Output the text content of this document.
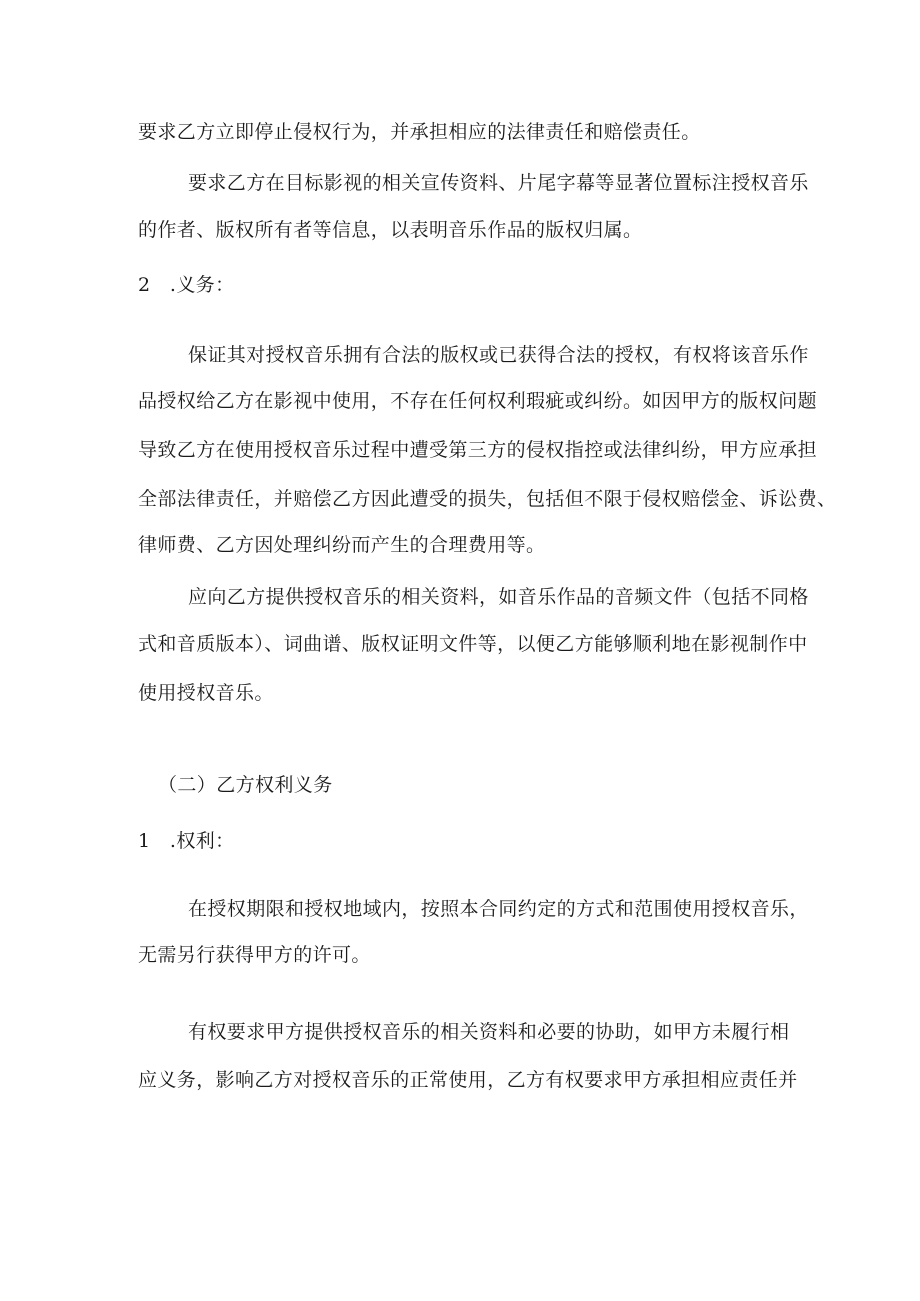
要求乙方立即停止侵权行为，并承担相应的法律责任和赔偿责任。
要求乙方在目标影视的相关宣传资料、片尾字幕等显著位置标注授权音乐
的作者、版权所有者等信息，以表明音乐作品的版权归属。
2 .义务：
保证其对授权音乐拥有合法的版权或已获得合法的授权，有权将该音乐作
品授权给乙方在影视中使用，不存在任何权利瑕疵或纠纷。如因甲方的版权问题
导致乙方在使用授权音乐过程中遭受第三方的侵权指控或法律纠纷，甲方应承担
全部法律责任，并赔偿乙方因此遭受的损失，包括但不限于侵权赔偿金、诉讼费、
律师费、乙方因处理纠纷而产生的合理费用等。
应向乙方提供授权音乐的相关资料，如音乐作品的音频文件（包括不同格
式和音质版本）、词曲谱、版权证明文件等，以便乙方能够顺利地在影视制作中
使用授权音乐。
（二）乙方权利义务
1 .权利：
在授权期限和授权地域内，按照本合同约定的方式和范围使用授权音乐，
无需另行获得甲方的许可。
有权要求甲方提供授权音乐的相关资料和必要的协助，如甲方未履行相
应义务，影响乙方对授权音乐的正常使用，乙方有权要求甲方承担相应责任并
